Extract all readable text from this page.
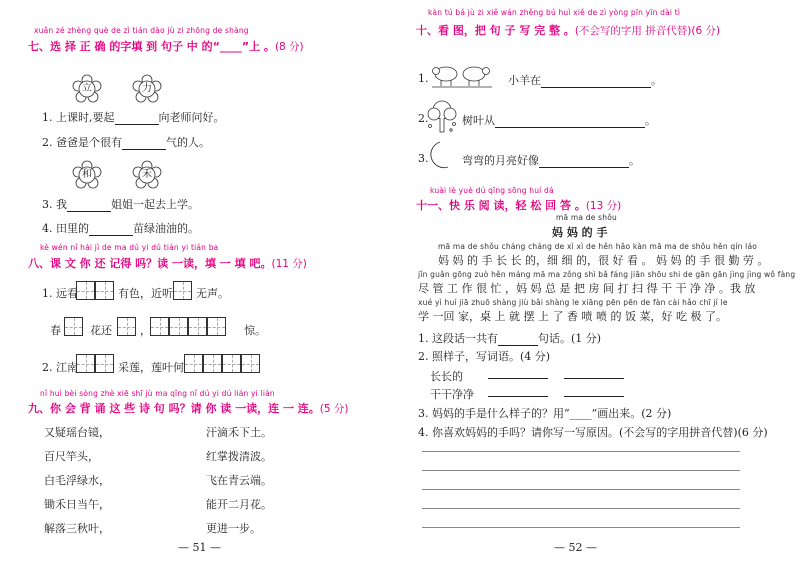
xuǎn zé zhèng què de zì tián dào jù zi zhōng de shàng
七、选 择 正 确 的字填 到 句子 中 的“____”上 。(8 分)
立	力
1. 上课时,要起	向老师问好。
2. 爸爸是个很有	气的人。
和	禾
3. 我	姐姐一起去上学。
4. 田里的	苗绿油油的。
kè wén nǐ hái jì de ma dú yi dú tián yi tián ba
八、课 文 你 还 记得 吗？读 一读，填 一 填 吧。(11 分)
1. 远看	有色，近听 无声。
春	花还	，	惊。
2. 江南	采莲，莲叶何
nǐ huì bèi sòng zhè xiē shī jù ma qǐng nǐ dú yi dú lián yi lián
九、你 会 背 诵 这 些 诗 句 吗？请 你 读 一读，连 一 连。(5 分)
又疑瑶台镜，
百尺竿头，
白毛浮绿水，
锄禾日当午，
解落三秋叶，
汗滴禾下土。
红掌拨清波。
飞在青云端。
能开二月花。
更进一步。
— 51 —
kàn tú bǎ jù zi xiě wán zhěng bú huì xiě de zì yòng pīn yīn dài tì
十、看 图，把 句 子 写 完 整 。(不会写的字用 拼音代替)(6 分)
1.	小羊在	。
2.	树叶从	。
3.	弯弯的月亮好像	。
kuài lè yuè dú qīng sōng huí dá
十一、快 乐 阅 读，轻 松 回 答 。(13 分)
mā ma de shǒu
妈 妈 的 手
mā ma de shǒu cháng cháng de xì xì de hěn hǎo kàn mā ma de shǒu hěn qín láo
妈 妈 的 手 长 长 的，细 细 的，很 好 看 。 妈 妈 的 手 很 勤 劳 。
jǐn guǎn gōng zuò hěn máng mā ma zǒng shì bǎ fáng jiān shōu shi de gān gān jìng jìng wǒ fàng
尽 管 工 作 很 忙 ，妈 妈 总 是 把 房 间 打 扫 得 干 干 净 净 。我 放
xué yì huí jiā zhuō shàng jiù bǎi shàng le xiāng pēn pēn de fàn cài hǎo chī jí le
学 一回 家，桌 上 就 摆 上 了 香 喷 喷 的 饭 菜，好 吃 极 了。
1. 这段话一共有	句话。(1 分)
2. 照样子，写词语。(4 分)
长长的
干干净净
3. 妈妈的手是什么样子的？用“____”画出来。(2 分)
4. 你喜欢妈妈的手吗？请你写一写原因。(不会写的字用拼音代替)(6 分)
— 52 —
